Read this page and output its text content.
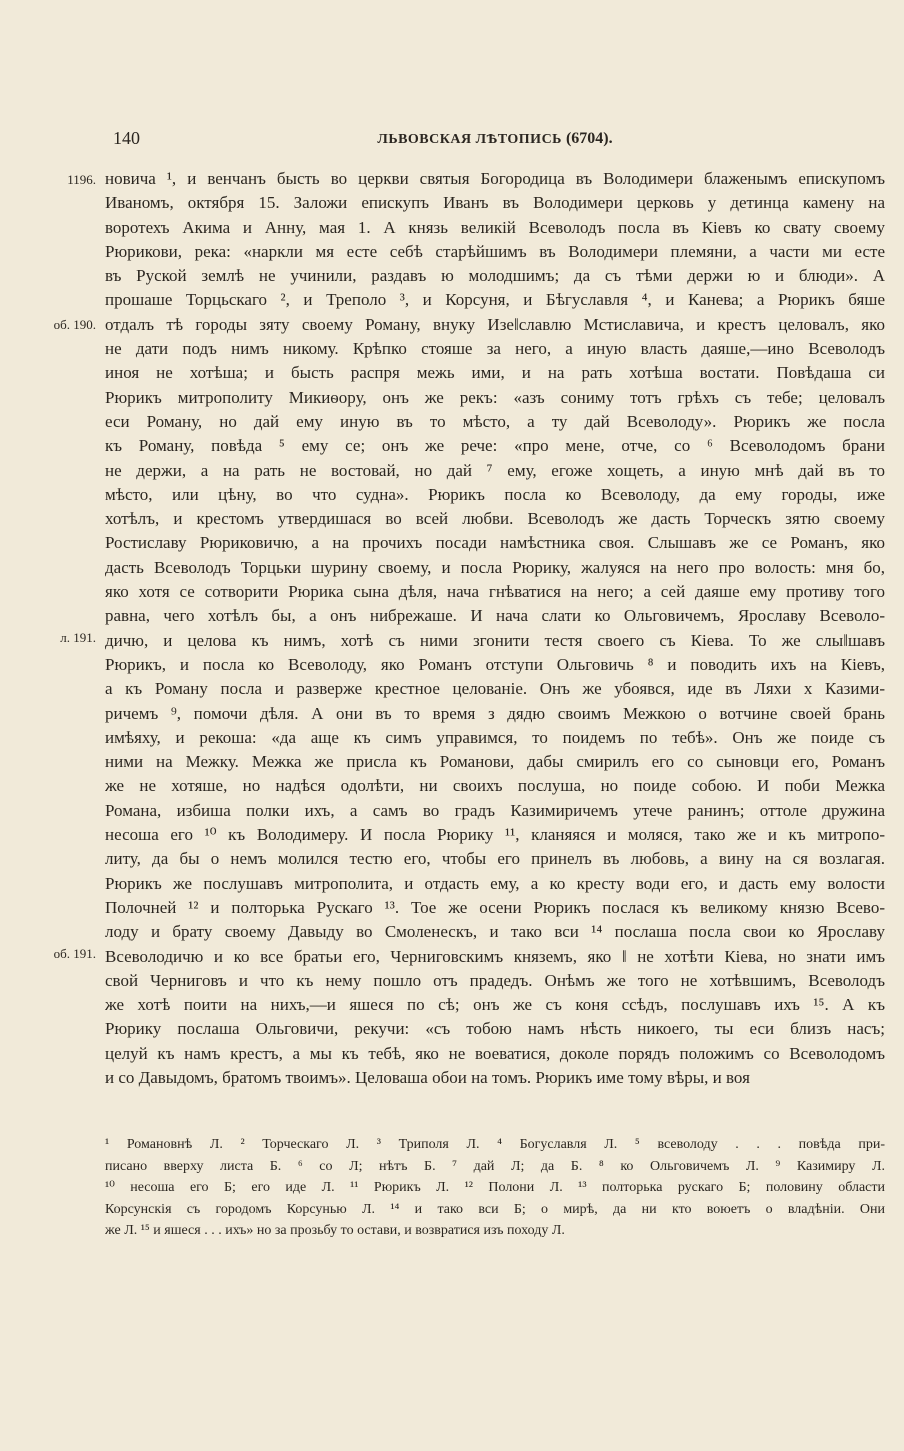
140	ЛЬВОВСКАЯ ЛѢТОПИСЬ (6704).
1196.
об. 190.
л. 191.
об. 191.
новича ¹, и венчанъ бысть во церкви святыя Богородица въ Володимери блаженымъ епискупомъ
Иваномъ, октября 15. Заложи епискупъ Иванъ въ Володимери церковь у детинца камену на
воротехъ Акима и Анну, мая 1. А князь великій Всеволодъ посла въ Кіевъ ко свату своему
Рюрикови, река: «наркли мя есте себѣ старѣйшимъ въ Володимери племяни, а части ми есте
въ Руской землѣ не учинили, раздавъ ю молодшимъ; да съ тѣми держи ю и блюди». А
прошаше Торцьскаго ², и Треполо ³, и Корсуня, и Бѣгуславля ⁴, и Канева; а Рюрикъ бяше
отдалъ тѣ городы зяту своему Роману, внуку Изе‖славлю Мстиславича, и крестъ целовалъ, яко
не дати подъ нимъ никому. Крѣпко стояше за него, а иную власть даяше,—ино Всеволодъ
иноя не хотѣша; и бысть распря межь ими, и на рать хотѣша востати. Повѣдаша си
Рюрикъ митрополиту Микиѳору, онъ же рекъ: «азъ сониму тотъ грѣхъ съ тебе; целовалъ
еси Роману, но дай ему иную въ то мѣсто, а ту дай Всеволоду». Рюрикъ же посла
къ Роману, повѣда ⁵ ему се; онъ же рече: «про мене, отче, со ⁶ Всеволодомъ брани
не держи, а на рать не востовай, но дай ⁷ ему, егоже хощеть, а иную мнѣ дай въ то
мѣсто, или цѣну, во что судна». Рюрикъ посла ко Всеволоду, да ему городы, иже
хотѣлъ, и крестомъ утвердишася во всей любви. Всеволодъ же дасть Торческъ зятю своему
Ростиславу Рюриковичю, а на прочихъ посади намѣстника своя. Слышавъ же се Романъ, яко
дасть Всеволодъ Торцьки шурину своему, и посла Рюрику, жалуяся на него про волость: мня бо,
яко хотя се сотворити Рюрика сына дѣля, нача гнѣватися на него; а сей даяше ему противу того
равна, чего хотѣлъ бы, а онъ нибрежаше. И нача слати ко Ольговичемъ, Ярославу Всеволо-
дичю, и целова къ нимъ, хотѣ съ ними згонити тестя своего съ Кіева. То же слы‖шавъ
Рюрикъ, и посла ко Всеволоду, яко Романъ отступи Ольговичь ⁸ и поводить ихъ на Кіевъ,
а къ Роману посла и разверже крестное целованіе. Онъ же убоявся, иде въ Ляхи х Казими-
ричемъ ⁹, помочи дѣля. А они въ то время з дядю своимъ Межкою о вотчине своей брань
имѣяху, и рекоша: «да аще къ симъ управимся, то поидемъ по тебѣ». Онъ же поиде съ
ними на Межку. Межка же присла къ Романови, дабы смирилъ его со сыновци его, Романъ
же не хотяше, но надѣся одолѣти, ни своихъ послуша, но поиде собою. И поби Межка
Романа, избиша полки ихъ, а самъ во градъ Казимиричемъ утече ранинъ; оттоле дружина
несоша его ¹⁰ къ Володимеру. И посла Рюрику ¹¹, кланяяся и моляся, тако же и къ митропо-
литу, да бы о немъ молился тестю его, чтобы его принелъ въ любовь, а вину на ся возлагая.
Рюрикъ же послушавъ митрополита, и отдасть ему, а ко кресту води его, и дасть ему волости
Полочней ¹² и полторька Рускаго ¹³. Тое же осени Рюрикъ послася къ великому князю Всево-
лоду и брату своему Давыду во Смоленескъ, и тако вси ¹⁴ послаша посла свои ко Ярославу
Всеволодичю и ко все братьи его, Черниговскимъ княземъ, яко ‖ не хотѣти Кіева, но знати имъ
свой Черниговъ и что къ нему пошло отъ прадедъ. Онѣмъ же того не хотѣвшимъ, Всеволодъ
же хотѣ поити на нихъ,—и яшеся по сѣ; онъ же съ коня ссѣдъ, послушавъ ихъ ¹⁵. А къ
Рюрику послаша Ольговичи, рекучи: «съ тобою намъ нѣсть никоего, ты еси близъ насъ;
целуй къ намъ крестъ, а мы къ тебѣ, яко не воеватися, доколе порядъ положимъ со Всеволодомъ
и со Давыдомъ, братомъ твоимъ». Целоваша обои на томъ. Рюрикъ име тому вѣры, и воя
¹ Романовнѣ Л. ² Торческаго Л. ³ Триполя Л. ⁴ Богуславля Л. ⁵ всеволоду . . . повѣда при-
писано вверху листа Б. ⁶ со Л; нѣтъ Б. ⁷ дай Л; да Б. ⁸ ко Ольговичемъ Л. ⁹ Казимиру Л.
¹⁰ несоша его Б; его иде Л. ¹¹ Рюрикъ Л. ¹² Полони Л. ¹³ полторька рускаго Б; половину области
Корсунскія съ городомъ Корсунью Л. ¹⁴ и тако вси Б; о мирѣ, да ни кто воюетъ о владѣніи. Они
же Л. ¹⁵ и яшеся . . . ихъ» но за прозьбу то остави, и возвратися изъ походу Л.
